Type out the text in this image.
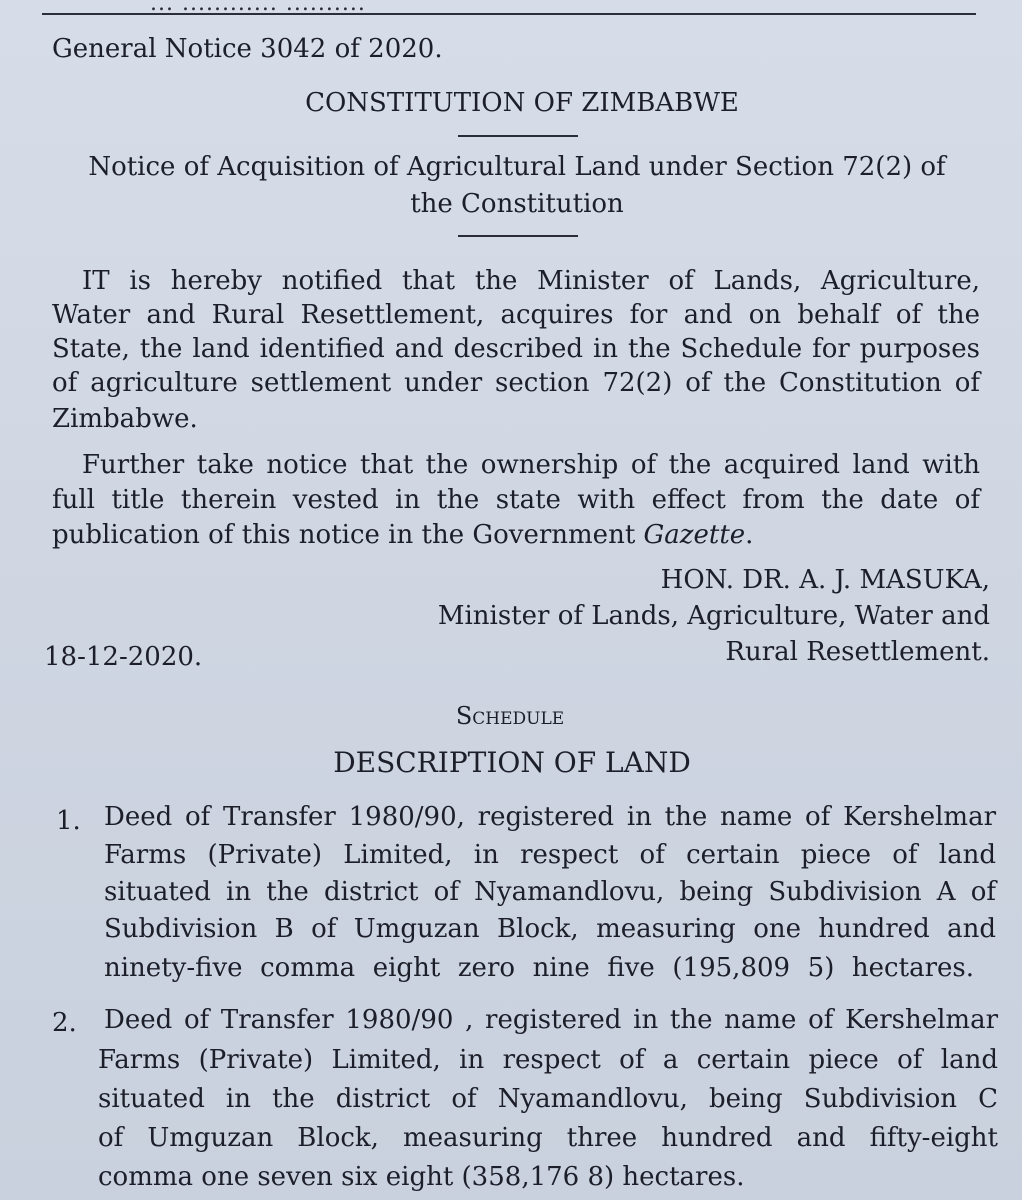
... ............ ..........
General Notice 3042 of 2020.
CONSTITUTION OF ZIMBABWE
Notice of Acquisition of Agricultural Land under Section 72(2) of
the Constitution
IT is hereby notified that the Minister of Lands, Agriculture,
Water and Rural Resettlement, acquires for and on behalf of the
State, the land identified and described in the Schedule for purposes
of agriculture settlement under section 72(2) of the Constitution of
Zimbabwe.
Further take notice that the ownership of the acquired land with
full title therein vested in the state with effect from the date of
publication of this notice in the Government Gazette.
HON. DR. A. J. MASUKA,
Minister of Lands, Agriculture, Water and
Rural Resettlement.
18-12-2020.
Schedule
DESCRIPTION OF LAND
1. Deed of Transfer 1980/90, registered in the name of Kershelmar
Farms (Private) Limited, in respect of certain piece of land
situated in the district of Nyamandlovu, being Subdivision A of
Subdivision B of Umguzan Block, measuring one hundred and
ninety-five comma eight zero nine five (195,809 5) hectares.
2. Deed of Transfer 1980/90 , registered in the name of Kershelmar
Farms (Private) Limited, in respect of a certain piece of land
situated in the district of Nyamandlovu, being Subdivision C
of Umguzan Block, measuring three hundred and fifty-eight
comma one seven six eight (358,176 8) hectares.
